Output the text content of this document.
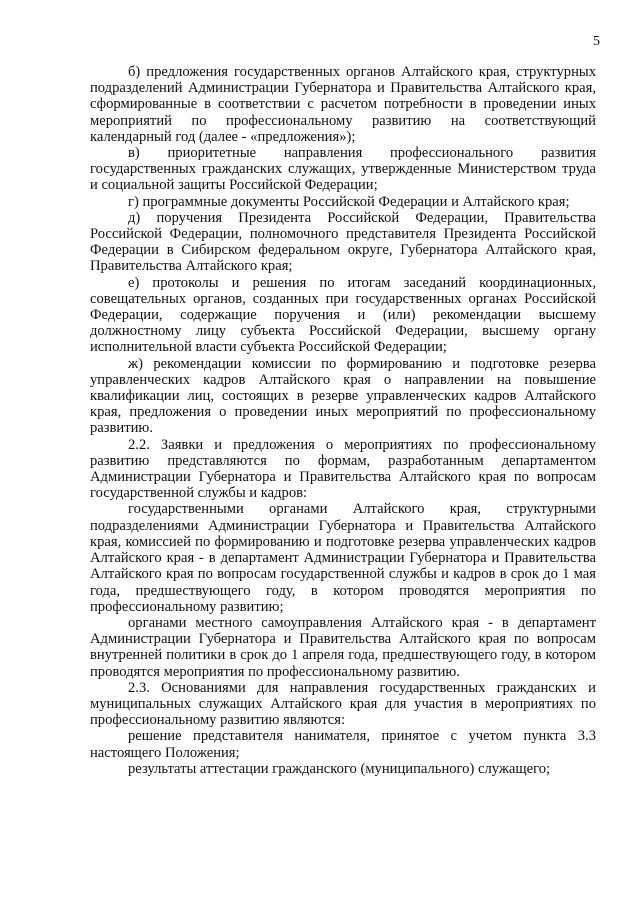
5

б) предложения государственных органов Алтайского края, структурных подразделений Администрации Губернатора и Правительства Алтайского края, сформированные в соответствии с расчетом потребности в проведении иных мероприятий по профессиональному развитию на соответствующий календарный год (далее - «предложения»);

в) приоритетные направления профессионального развития государственных гражданских служащих, утвержденные Министерством труда и социальной защиты Российской Федерации;

г) программные документы Российской Федерации и Алтайского края;

д) поручения Президента Российской Федерации, Правительства Российской Федерации, полномочного представителя Президента Российской Федерации в Сибирском федеральном округе, Губернатора Алтайского края, Правительства Алтайского края;

е) протоколы и решения по итогам заседаний координационных, совещательных органов, созданных при государственных органах Российской Федерации, содержащие поручения и (или) рекомендации высшему должностному лицу субъекта Российской Федерации, высшему органу исполнительной власти субъекта Российской Федерации;

ж) рекомендации комиссии по формированию и подготовке резерва управленческих кадров Алтайского края о направлении на повышение квалификации лиц, состоящих в резерве управленческих кадров Алтайского края, предложения о проведении иных мероприятий по профессиональному развитию.

2.2. Заявки и предложения о мероприятиях по профессиональному развитию представляются по формам, разработанным департаментом Администрации Губернатора и Правительства Алтайского края по вопросам государственной службы и кадров:

государственными органами Алтайского края, структурными подразделениями Администрации Губернатора и Правительства Алтайского края, комиссией по формированию и подготовке резерва управленческих кадров Алтайского края - в департамент Администрации Губернатора и Правительства Алтайского края по вопросам государственной службы и кадров в срок до 1 мая года, предшествующего году, в котором проводятся мероприятия по профессиональному развитию;

органами местного самоуправления Алтайского края - в департамент Администрации Губернатора и Правительства Алтайского края по вопросам внутренней политики в срок до 1 апреля года, предшествующего году, в котором проводятся мероприятия по профессиональному развитию.

2.3. Основаниями для направления государственных гражданских и муниципальных служащих Алтайского края для участия в мероприятиях по профессиональному развитию являются:

решение представителя нанимателя, принятое с учетом пункта 3.3 настоящего Положения;

результаты аттестации гражданского (муниципального) служащего;
